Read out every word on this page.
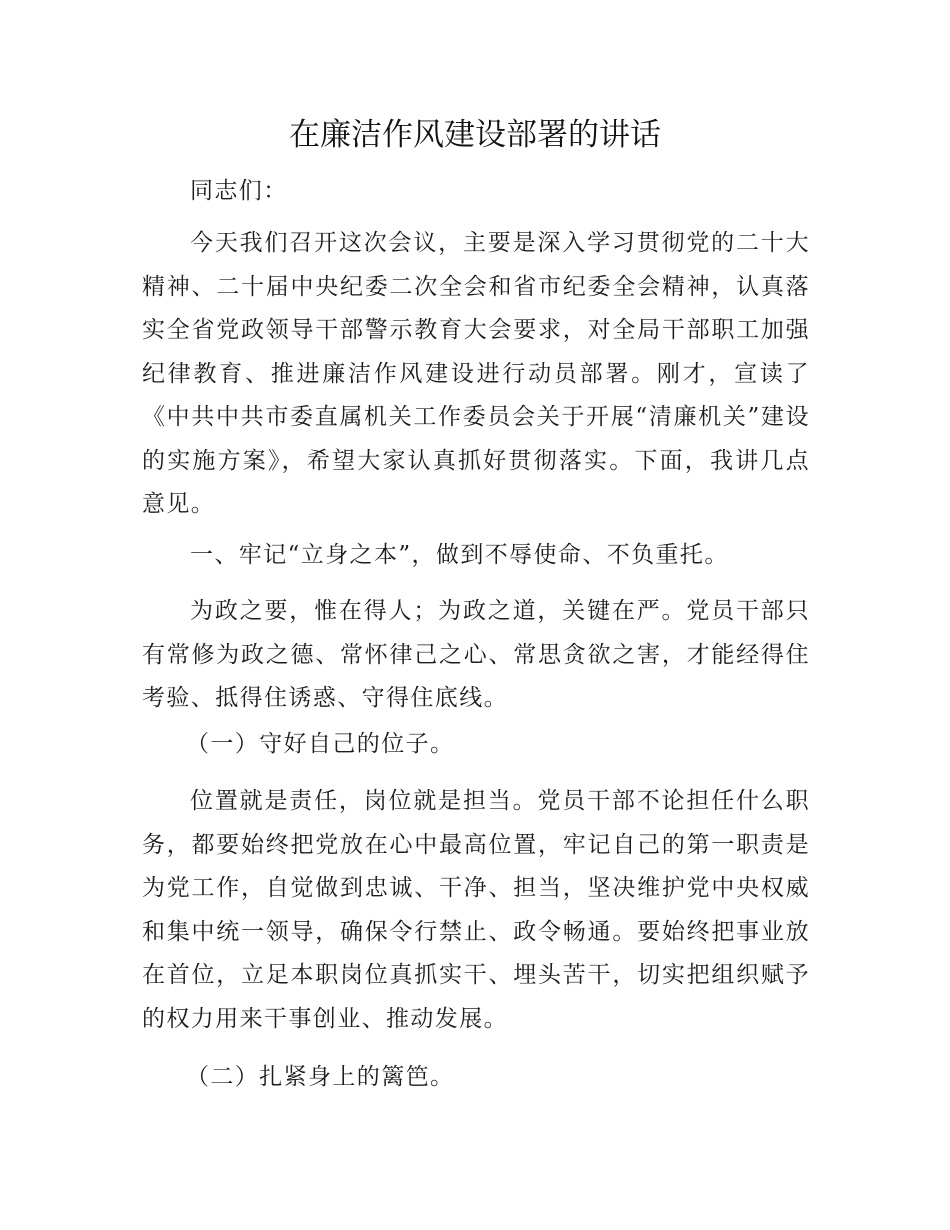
在廉洁作风建设部署的讲话

同志们：

今天我们召开这次会议，主要是深入学习贯彻党的二十大精神、二十届中央纪委二次全会和省市纪委全会精神，认真落实全省党政领导干部警示教育大会要求，对全局干部职工加强纪律教育、推进廉洁作风建设进行动员部署。刚才，宣读了《中共中共市委直属机关工作委员会关于开展“清廉机关”建设的实施方案》，希望大家认真抓好贯彻落实。下面，我讲几点意见。

一、牢记“立身之本”，做到不辱使命、不负重托。

为政之要，惟在得人；为政之道，关键在严。党员干部只有常修为政之德、常怀律己之心、常思贪欲之害，才能经得住考验、抵得住诱惑、守得住底线。

（一）守好自己的位子。

位置就是责任，岗位就是担当。党员干部不论担任什么职务，都要始终把党放在心中最高位置，牢记自己的第一职责是为党工作，自觉做到忠诚、干净、担当，坚决维护党中央权威和集中统一领导，确保令行禁止、政令畅通。要始终把事业放在首位，立足本职岗位真抓实干、埋头苦干，切实把组织赋予的权力用来干事创业、推动发展。

（二）扎紧身上的篱笆。
